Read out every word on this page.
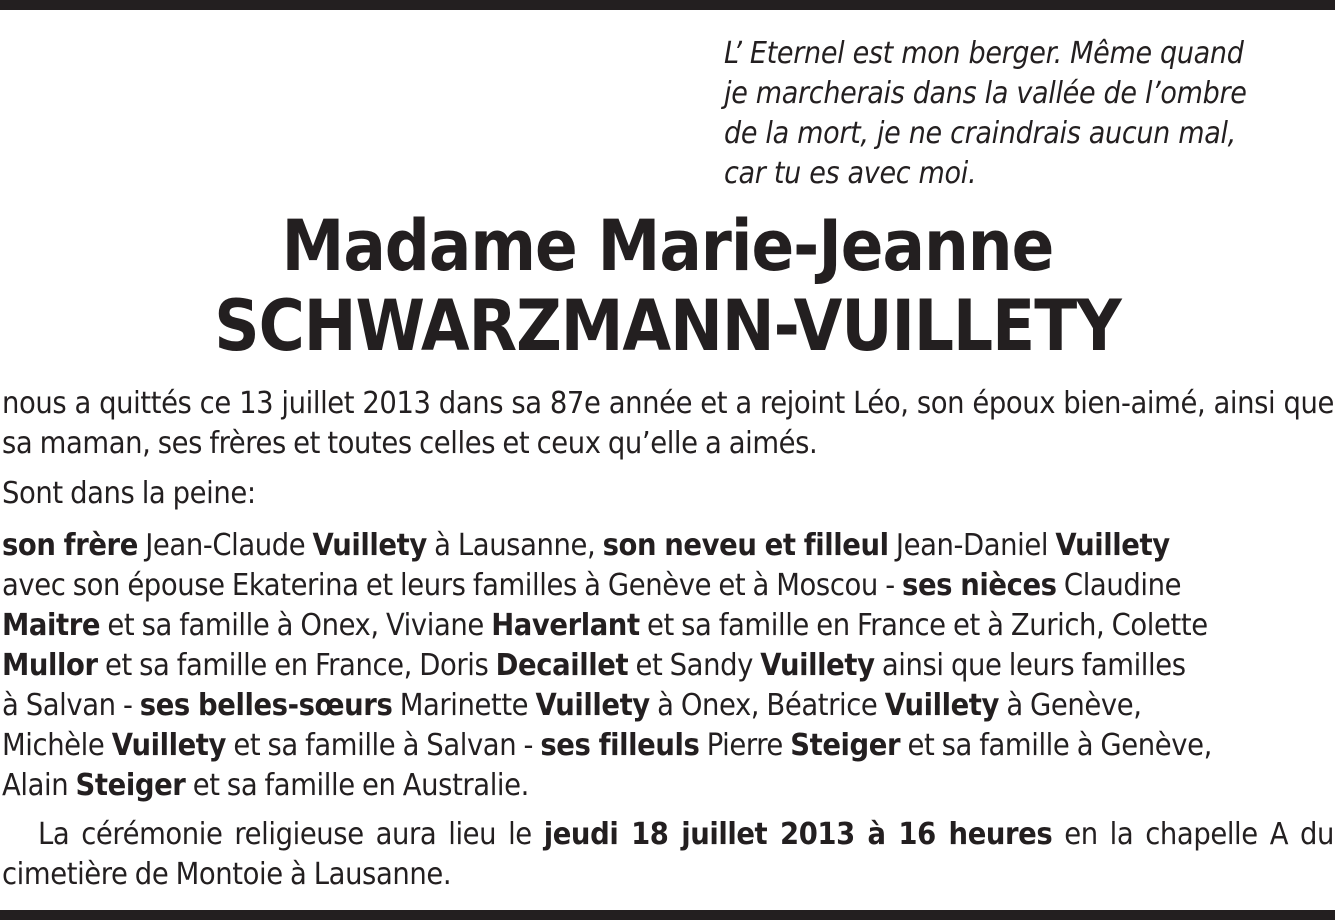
L’ Eternel est mon berger. Même quand
je marcherais dans la vallée de l’ombre
de la mort, je ne craindrais aucun mal,
car tu es avec moi.
Madame Marie-Jeanne
SCHWARZMANN-VUILLETY
nous a quittés ce 13 juillet 2013 dans sa 87e année et a rejoint Léo, son époux bien-aimé, ainsi que sa maman, ses frères et toutes celles et ceux qu’elle a aimés.
Sont dans la peine:
son frère Jean-Claude Vuillety à Lausanne, son neveu et filleul Jean-Daniel Vuillety
avec son épouse Ekaterina et leurs familles à Genève et à Moscou - ses nièces Claudine
Maitre et sa famille à Onex, Viviane Haverlant et sa famille en France et à Zurich, Colette
Mullor et sa famille en France, Doris Decaillet et Sandy Vuillety ainsi que leurs familles
à Salvan - ses belles-sœurs Marinette Vuillety à Onex, Béatrice Vuillety à Genève,
Michèle Vuillety et sa famille à Salvan - ses filleuls Pierre Steiger et sa famille à Genève,
Alain Steiger et sa famille en Australie.
La cérémonie religieuse aura lieu le jeudi 18 juillet 2013 à 16 heures en la chapelle A du cimetière de Montoie à Lausanne.
